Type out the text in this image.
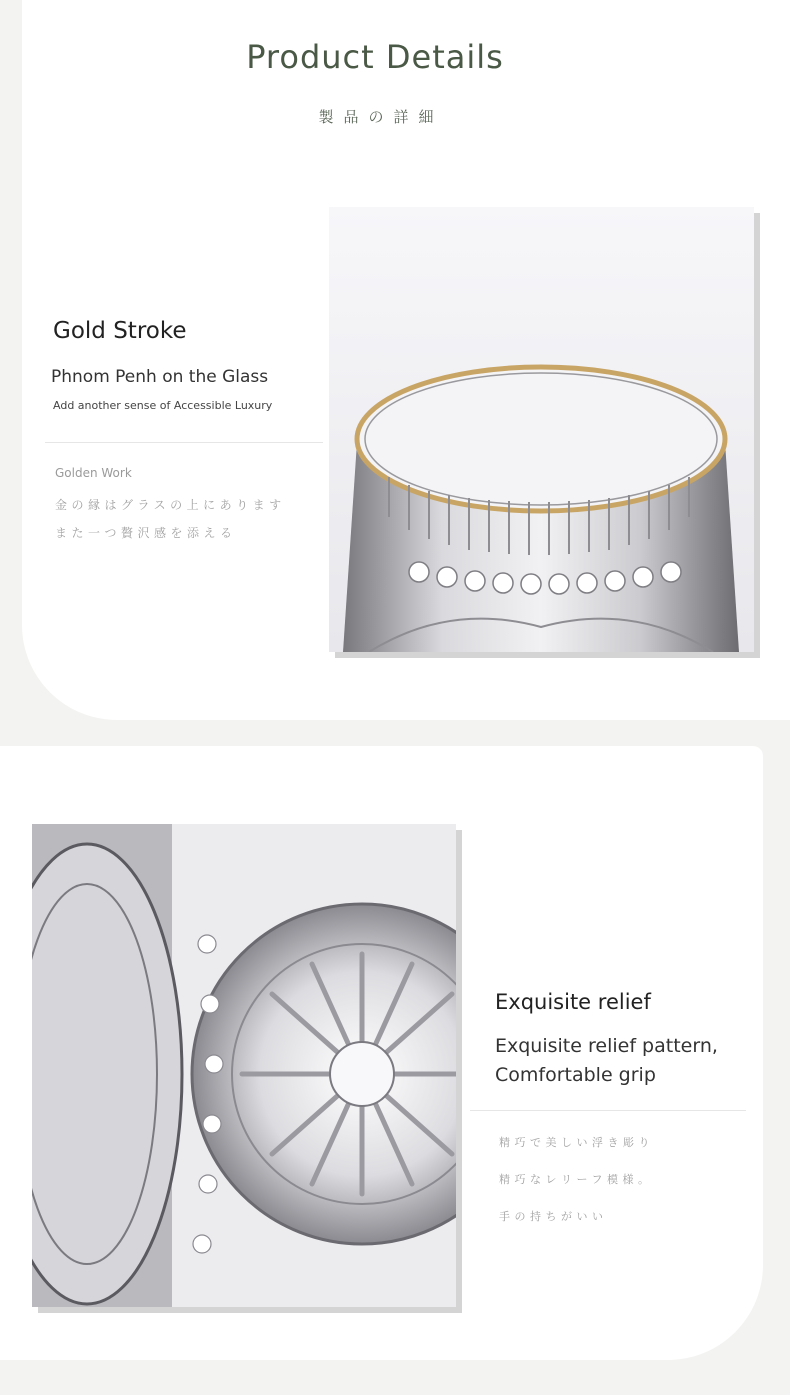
Product Details
製品の詳細
Gold Stroke
Phnom Penh on the Glass
Add another sense of Accessible Luxury
Golden Work
金の縁はグラスの上にあります
また一つ贅沢感を添える
Exquisite relief
Exquisite relief pattern,
Comfortable grip
精巧で美しい浮き彫り
精巧なレリーフ模様。
手の持ちがいい
